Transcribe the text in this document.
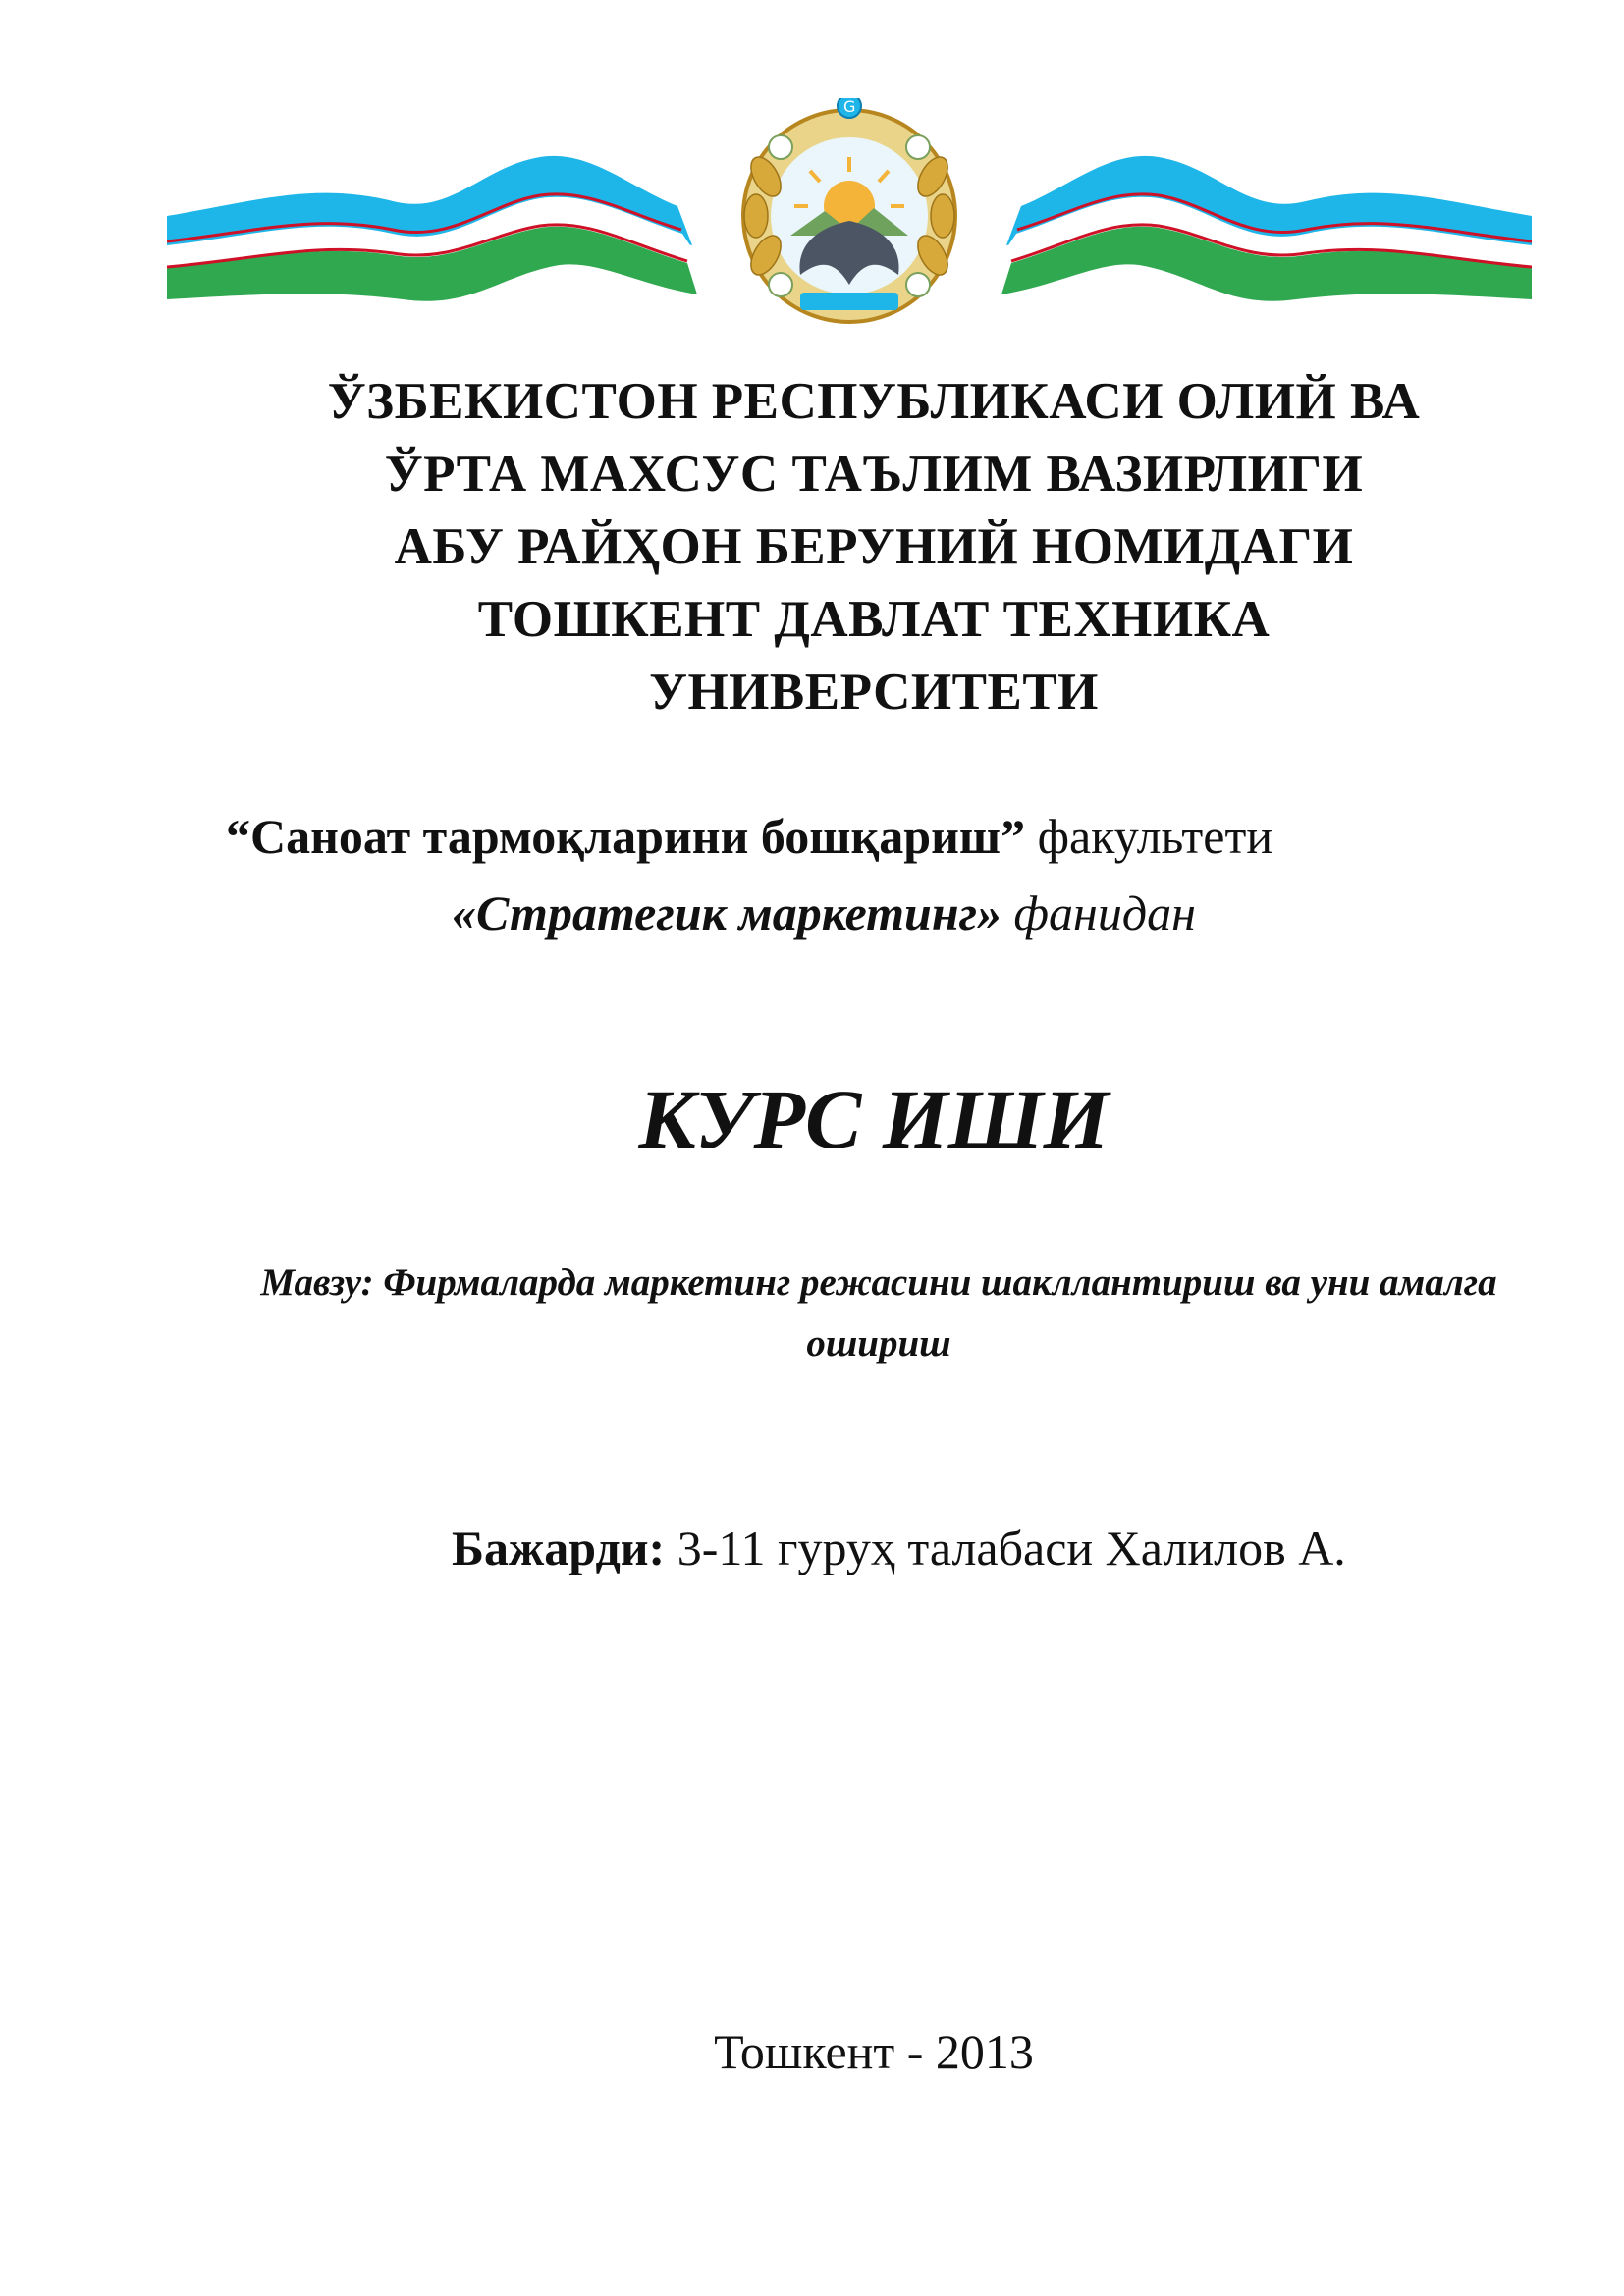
G
ЎЗБЕКИСТОН РЕСПУБЛИКАСИ ОЛИЙ ВА
ЎРТА МАХСУС ТАЪЛИМ ВАЗИРЛИГИ
АБУ РАЙҲОН БЕРУНИЙ НОМИДАГИ
ТОШКЕНТ ДАВЛАТ ТЕХНИКА
УНИВЕРСИТЕТИ
“Саноат тармоқларини бошқариш” факультети
«Стратегик маркетинг» фанидан
КУРС ИШИ
Мавзу: Фирмаларда маркетинг режасини шакллантириш ва уни амалга ошириш
Бажарди: 3-11 гуруҳ талабаси Халилов А.
Тошкент - 2013
